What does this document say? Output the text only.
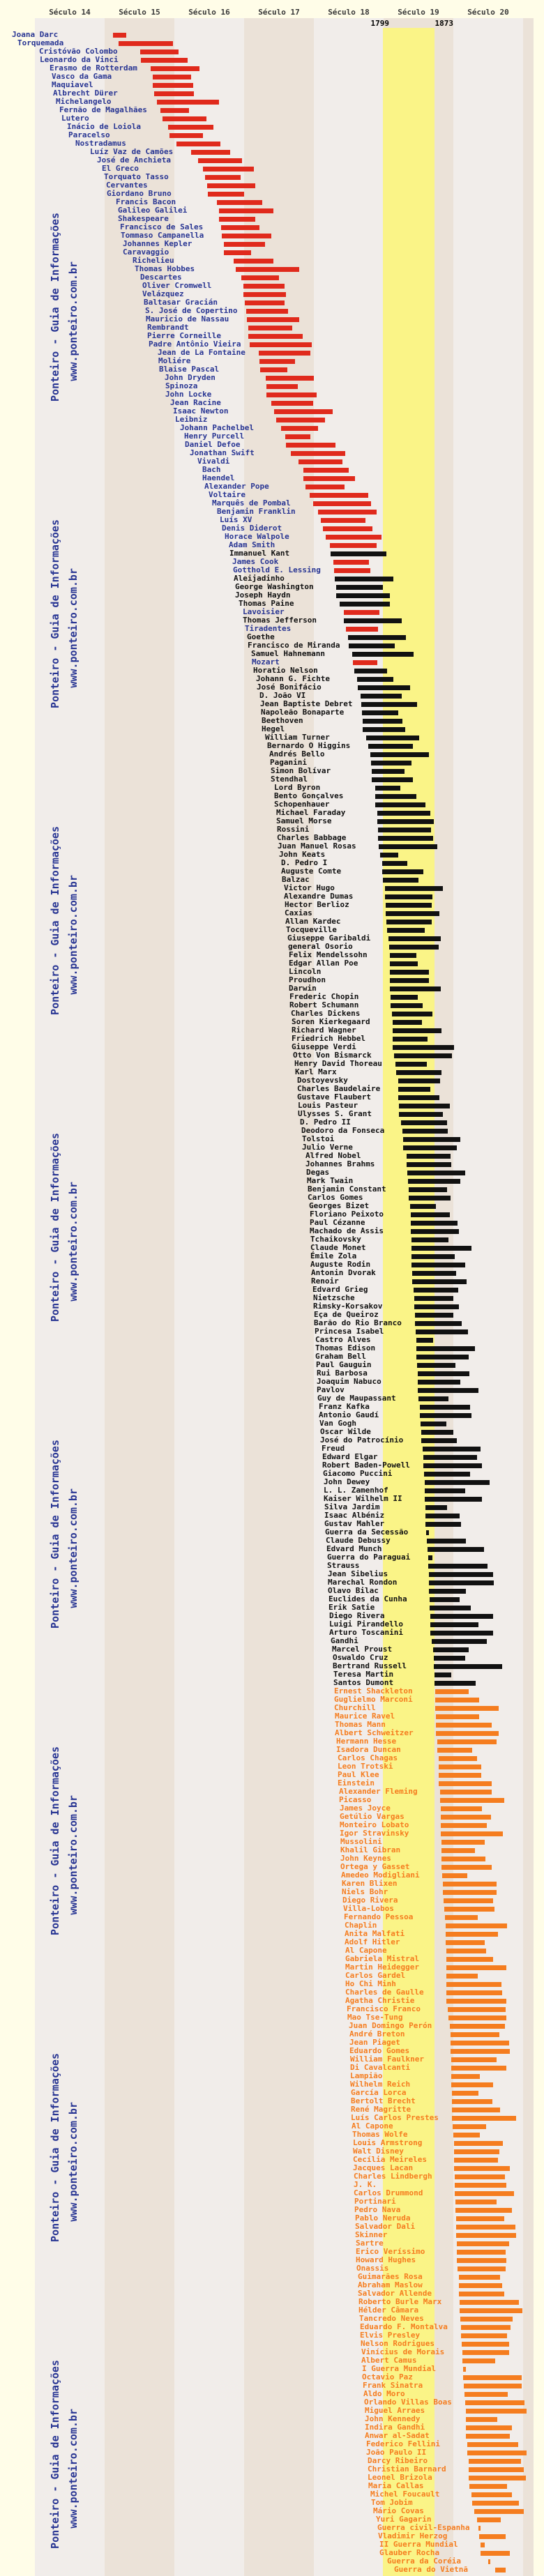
Século 14	Século 15	Século 16	Século 17	Século 18	Século 19	Século 20
1799	1873
Ponteiro - Guia de Informações www.ponteiro.com.br
Ponteiro - Guia de Informações www.ponteiro.com.br
Ponteiro - Guia de Informações www.ponteiro.com.br
Ponteiro - Guia de Informações www.ponteiro.com.br
Ponteiro - Guia de Informações www.ponteiro.com.br
Ponteiro - Guia de Informações www.ponteiro.com.br
Ponteiro - Guia de Informações www.ponteiro.com.br
Ponteiro - Guia de Informações www.ponteiro.com.br
Joana Darc
Torquemada
Cristóvão Colombo
Leonardo da Vinci
Erasmo de Rotterdam
Vasco da Gama
Maquiavel
Albrecht Dürer
Michelangelo
Fernão de Magalhães
Lutero
Inácio de Loiola
Paracelso
Nostradamus
Luíz Vaz de Camões
José de Anchieta
El Greco
Torquato Tasso
Cervantes
Giordano Bruno
Francis Bacon
Galileo Galilei
Shakespeare
Francisco de Sales
Tommaso Campanella
Johannes Kepler
Caravaggio
Richelieu
Thomas Hobbes
Descartes
Oliver Cromwell
Velázquez
Baltasar Gracián
S. José de Copertino
Mauricio de Nassau
Rembrandt
Pierre Corneille
Padre Antônio Vieira
Jean de La Fontaine
Moliére
Blaise Pascal
John Dryden
Spinoza
John Locke
Jean Racine
Isaac Newton
Leibniz
Johann Pachelbel
Henry Purcell
Daniel Defoe
Jonathan Swift
Vivaldi
Bach
Haendel
Alexander Pope
Voltaire
Marquês de Pombal
Benjamin Franklin
Luís XV
Denis Diderot
Horace Walpole
Adam Smith
Immanuel Kant
James Cook
Gotthold E. Lessing
Aleijadinho
George Washington
Joseph Haydn
Thomas Paine
Lavoisier
Thomas Jefferson
Tiradentes
Goethe
Francisco de Miranda
Samuel Hahnemann
Mozart
Horatio Nelson
Johann G. Fichte
José Bonifácio
D. João VI
Jean Baptiste Debret
Napoleão Bonaparte
Beethoven
Hegel
William Turner
Bernardo O Higgins
Andrés Bello
Paganini
Simon Bolívar
Stendhal
Lord Byron
Bento Gonçalves
Schopenhauer
Michael Faraday
Samuel Morse
Rossini
Charles Babbage
Juan Manuel Rosas
John Keats
D. Pedro I
Auguste Comte
Balzac
Victor Hugo
Alexandre Dumas
Hector Berlioz
Caxias
Allan Kardec
Tocqueville
Giuseppe Garibaldi
general Osorio
Felix Mendelssohn
Edgar Allan Poe
Lincoln
Proudhon
Darwin
Frederic Chopin
Robert Schumann
Charles Dickens
Soren Kierkegaard
Richard Wagner
Friedrich Hebbel
Giuseppe Verdi
Otto Von Bismarck
Henry David Thoreau
Karl Marx
Dostoyevsky
Charles Baudelaire
Gustave Flaubert
Louis Pasteur
Ulysses S. Grant
D. Pedro II
Deodoro da Fonseca
Tolstoi
Julio Verne
Alfred Nobel
Johannes Brahms
Degas
Mark Twain
Benjamin Constant
Carlos Gomes
Georges Bizet
Floriano Peixoto
Paul Cézanne
Machado de Assis
Tchaikovsky
Claude Monet
Émile Zola
Auguste Rodin
Antonin Dvorak
Renoir
Edvard Grieg
Nietzsche
Rimsky-Korsakov
Eça de Queiroz
Barão do Rio Branco
Princesa Isabel
Castro Alves
Thomas Edison
Graham Bell
Paul Gauguin
Rui Barbosa
Joaquim Nabuco
Pavlov
Guy de Maupassant
Franz Kafka
Antonio Gaudí
Van Gogh
Oscar Wilde
José do Patrocínio
Freud
Edward Elgar
Robert Baden-Powell
Giacomo Puccini
John Dewey
L. L. Zamenhof
Kaiser Wilhelm II
Silva Jardim
Isaac Albéniz
Gustav Mahler
Guerra da Secessão
Claude Debussy
Edvard Munch
Guerra do Paraguai
Strauss
Jean Sibelius
Marechal Rondon
Olavo Bilac
Euclides da Cunha
Erik Satie
Diego Rivera
Luigi Pirandello
Arturo Toscanini
Gandhi
Marcel Proust
Oswaldo Cruz
Bertrand Russell
Teresa Martin
Santos Dumont
Ernest Shackleton
Guglielmo Marconi
Churchill
Maurice Ravel
Thomas Mann
Albert Schweitzer
Hermann Hesse
Isadora Duncan
Carlos Chagas
Leon Trotski
Paul Klee
Einstein
Alexander Fleming
Picasso
James Joyce
Getúlio Vargas
Monteiro Lobato
Igor Stravinsky
Mussolini
Khalil Gibran
John Keynes
Ortega y Gasset
Amedeo Modigliani
Karen Blixen
Niels Bohr
Diego Rivera
Villa-Lobos
Fernando Pessoa
Chaplin
Anita Malfati
Adolf Hitler
Al Capone
Gabriela Mistral
Martin Heidegger
Carlos Gardel
Ho Chi Minh
Charles de Gaulle
Agatha Christie
Francisco Franco
Mao Tse-Tung
Juan Domingo Perón
André Breton
Jean Piaget
Eduardo Gomes
William Faulkner
Di Cavalcanti
Lampião
Wilhelm Reich
García Lorca
Bertolt Brecht
René Magritte
Luís Carlos Prestes
Al Capone
Thomas Wolfe
Louis Armstrong
Walt Disney
Cecília Meireles
Jacques Lacan
Charles Lindbergh
J. K.
Carlos Drummond
Portinari
Pedro Nava
Pablo Neruda
Salvador Dali
Skinner
Sartre
Erico Veríssimo
Howard Hughes
Onassis
Guimarães Rosa
Abraham Maslow
Salvador Allende
Roberto Burle Marx
Hélder Câmara
Tancredo Neves
Eduardo F. Montalva
Elvis Presley
Nelson Rodrigues
Vinícius de Morais
Albert Camus
I Guerra Mundial
Octavio Paz
Frank Sinatra
Aldo Moro
Orlando Villas Boas
Miguel Arraes
John Kennedy
Indira Gandhi
Anwar al-Sadat
Federico Fellini
João Paulo II
Darcy Ribeiro
Christian Barnard
Leonel Brizola
Maria Callas
Michel Foucault
Tom Jobim
Mário Covas
Yuri Gagarin
Guerra civil-Espanha
Vladimir Herzog
II Guerra Mundial
Glauber Rocha
Guerra da Coréia
Guerra do Vietnã
